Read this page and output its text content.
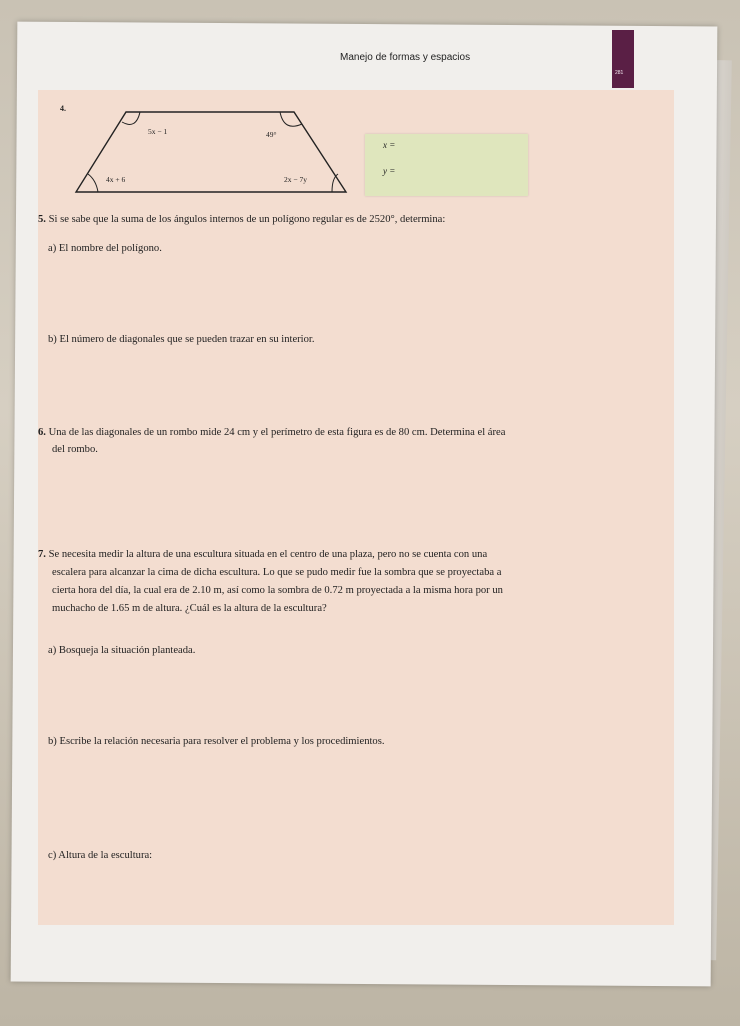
Manejo de formas y espacios
281
4.
5x − 1	49°
4x + 6	2x − 7y
x =
y =
5. Si se sabe que la suma de los ángulos internos de un polígono regular es de 2520°, determina:
a) El nombre del polígono.
b) El número de diagonales que se pueden trazar en su interior.
6. Una de las diagonales de un rombo mide 24 cm y el perímetro de esta figura es de 80 cm. Determina el área
del rombo.
7. Se necesita medir la altura de una escultura situada en el centro de una plaza, pero no se cuenta con una
escalera para alcanzar la cima de dicha escultura. Lo que se pudo medir fue la sombra que se proyectaba a
cierta hora del día, la cual era de 2.10 m, así como la sombra de 0.72 m proyectada a la misma hora por un
muchacho de 1.65 m de altura. ¿Cuál es la altura de la escultura?
a) Bosqueja la situación planteada.
b) Escribe la relación necesaria para resolver el problema y los procedimientos.
c) Altura de la escultura:
